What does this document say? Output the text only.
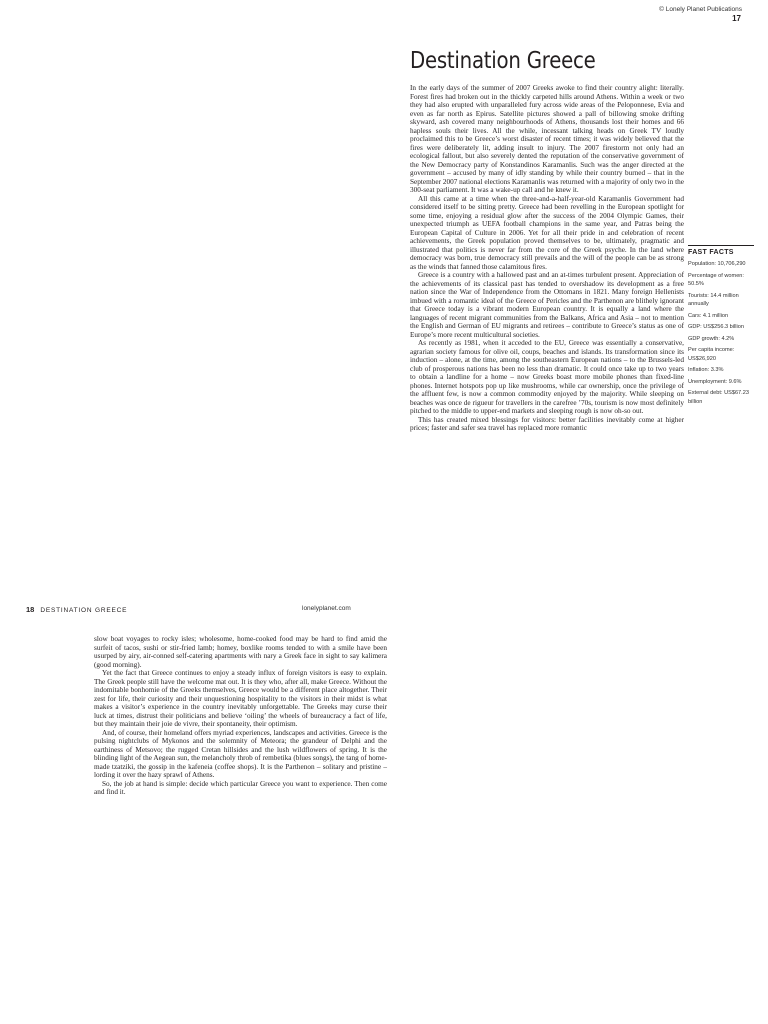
© Lonely Planet Publications
17
Destination Greece

In the early days of the summer of 2007 Greeks awoke to find their country alight: literally. Forest fires had broken out in the thickly carpeted hills around Athens. Within a week or two they had also erupted with unparalleled fury across wide areas of the Peloponnese, Evia and even as far north as Epirus. Satellite pictures showed a pall of billowing smoke drifting skyward, ash covered many neighbourhoods of Athens, thousands lost their homes and 66 hapless souls their lives. All the while, incessant talking heads on Greek TV loudly proclaimed this to be Greece’s worst disaster of recent times; it was widely believed that the fires were deliberately lit, adding insult to injury. The 2007 firestorm not only had an ecological fallout, but also severely dented the reputation of the conservative government of the New Democracy party of Konstandinos Karamanlis. Such was the anger directed at the government – accused by many of idly standing by while their country burned – that in the September 2007 national elections Karamanlis was returned with a majority of only two in the 300-seat parliament. It was a wake-up call and he knew it.

All this came at a time when the three-and-a-half-year-old Karamanlis Government had considered itself to be sitting pretty. Greece had been revelling in the European spotlight for some time, enjoying a residual glow after the success of the 2004 Olympic Games, their unexpected triumph as UEFA football champions in the same year, and Patras being the European Capital of Culture in 2006. Yet for all their pride in and celebration of recent achievements, the Greek population proved themselves to be, ultimately, pragmatic and illustrated that politics is never far from the core of the Greek psyche. In the land where democracy was born, true democracy still prevails and the will of the people can be as strong as the winds that fanned those calamitous fires.

Greece is a country with a hallowed past and an at-times turbulent present. Appreciation of the achievements of its classical past has tended to overshadow its development as a free nation since the War of Independence from the Ottomans in 1821. Many foreign Hellenists imbued with a romantic ideal of the Greece of Pericles and the Parthenon are blithely ignorant that Greece today is a vibrant modern European country. It is equally a land where the languages of recent migrant communities from the Balkans, Africa and Asia – not to mention the English and German of EU migrants and retirees – contribute to Greece’s status as one of Europe’s more recent multicultural societies.

As recently as 1981, when it acceded to the EU, Greece was essentially a conservative, agrarian society famous for olive oil, coups, beaches and islands. Its transformation since its induction – alone, at the time, among the southeastern European nations – to the Brussels-led club of prosperous nations has been no less than dramatic. It could once take up to two years to obtain a landline for a home – now Greeks boast more mobile phones than fixed-line phones. Internet hotspots pop up like mushrooms, while car ownership, once the privilege of the affluent few, is now a common commodity enjoyed by the majority. While sleeping on beaches was once de rigueur for travellers in the carefree ’70s, tourism is now most definitely pitched to the middle to upper-end markets and sleeping rough is now oh-so out.

This has created mixed blessings for visitors: better facilities inevitably come at higher prices; faster and safer sea travel has replaced more romantic

FAST FACTS
Population: 10,706,290
Percentage of women: 50.5%
Tourists: 14.4 million annually
Cars: 4.1 million
GDP: US$256.3 billion
GDP growth: 4.2%
Per capita income: US$26,920
Inflation: 3.3%
Unemployment: 9.6%
External debt: US$67.23 billion
18 DESTINATION GREECE	lonelyplanet.com

slow boat voyages to rocky isles; wholesome, home-cooked food may be hard to find amid the surfeit of tacos, sushi or stir-fried lamb; homey, boxlike rooms tended to with a smile have been usurped by airy, air-conned self-catering apartments with nary a Greek face in sight to say kalimera (good morning).

Yet the fact that Greece continues to enjoy a steady influx of foreign visitors is easy to explain. The Greek people still have the welcome mat out. It is they who, after all, make Greece. Without the indomitable bonhomie of the Greeks themselves, Greece would be a different place altogether. Their zest for life, their curiosity and their unquestioning hospitality to the visitors in their midst is what makes a visitor’s experience in the country inevitably unforgettable. The Greeks may curse their luck at times, distrust their politicians and believe ‘oiling’ the wheels of bureaucracy a fact of life, but they maintain their joie de vivre, their spontaneity, their optimism.

And, of course, their homeland offers myriad experiences, landscapes and activities. Greece is the pulsing nightclubs of Mykonos and the solemnity of Meteora; the grandeur of Delphi and the earthiness of Metsovo; the rugged Cretan hillsides and the lush wildflowers of spring. It is the blinding light of the Aegean sun, the melancholy throb of rembetika (blues songs), the tang of home-made tzatziki, the gossip in the kafeneia (coffee shops). It is the Parthenon – solitary and pristine – lording it over the hazy sprawl of Athens.

So, the job at hand is simple: decide which particular Greece you want to experience. Then come and find it.
